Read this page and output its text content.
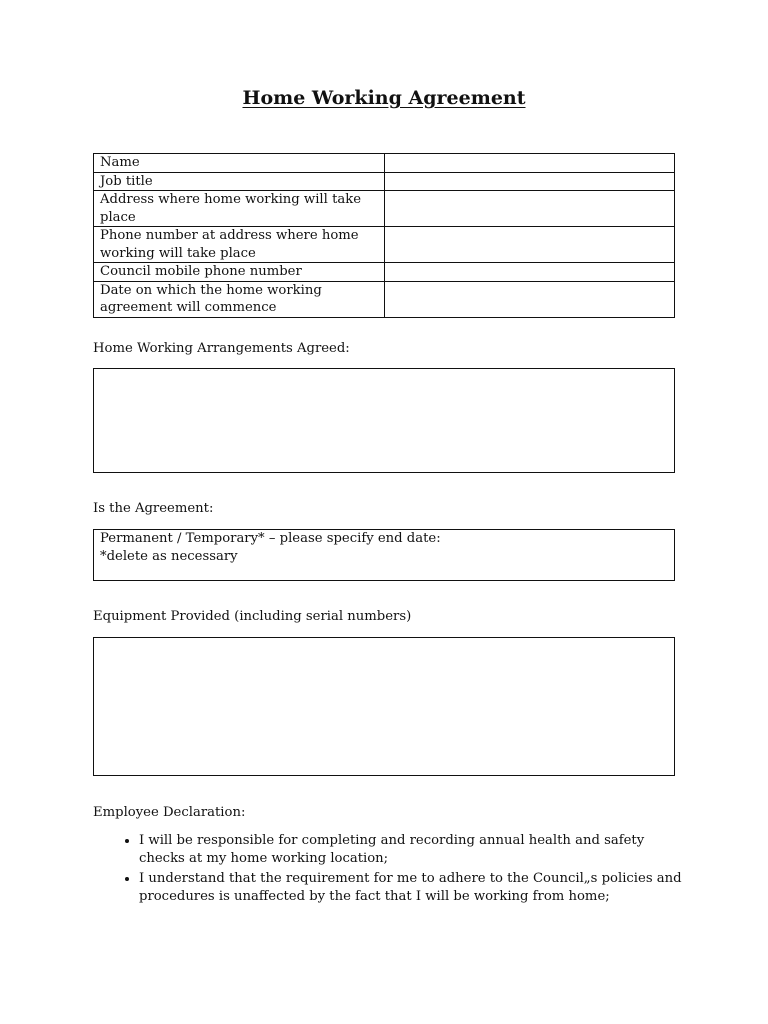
Home Working Agreement
Name	
Job title	
Address where home working will take place	
Phone number at address where home working will take place	
Council mobile phone number	
Date on which the home working agreement will commence	

Home Working Arrangements Agreed:

Is the Agreement:

Permanent / Temporary* – please specify end date:
*delete as necessary

Equipment Provided (including serial numbers)

Employee Declaration:

• I will be responsible for completing and recording annual health and safety checks at my home working location;
• I understand that the requirement for me to adhere to the Council„s policies and procedures is unaffected by the fact that I will be working from home;
